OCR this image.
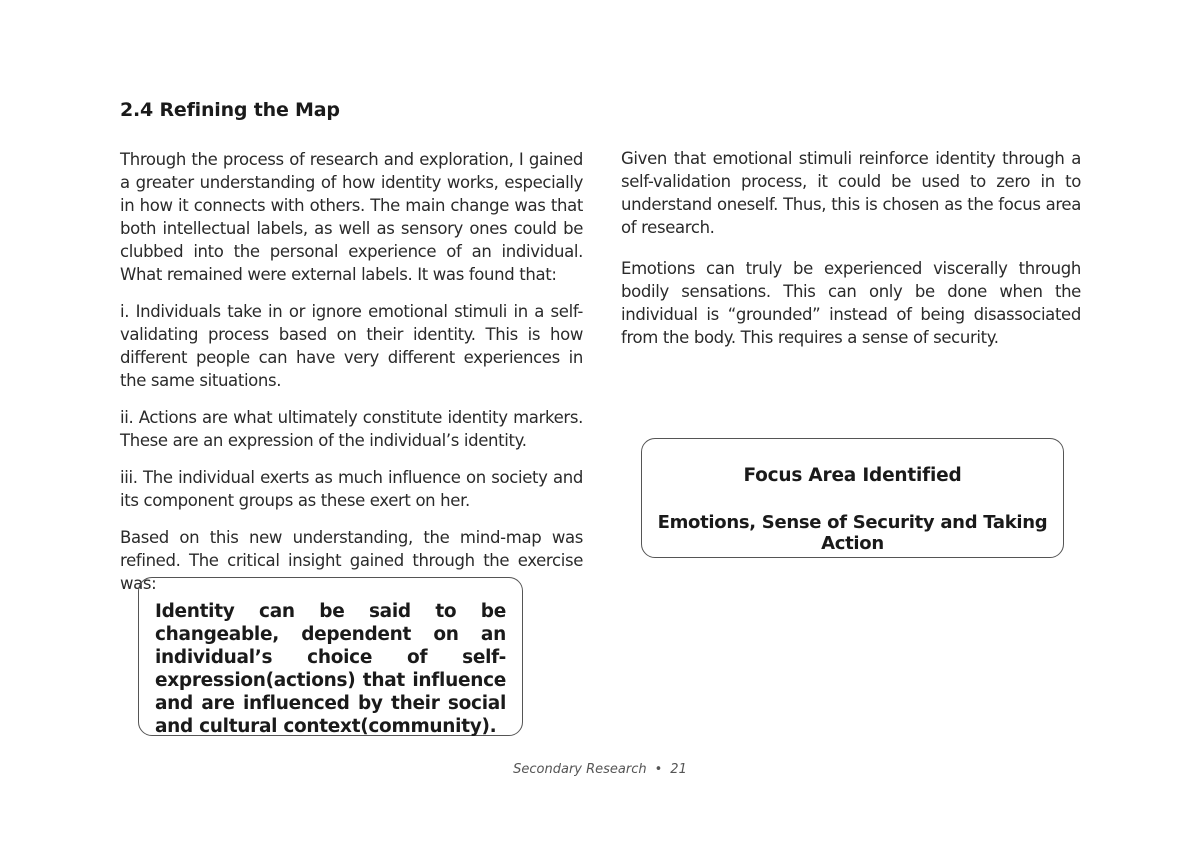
2.4 Refining the Map

Through the process of research and exploration, I gained a greater understanding of how identity works, especially in how it connects with others. The main change was that both intellectual labels, as well as sensory ones could be clubbed into the personal experience of an individual. What remained were external labels. It was found that:

i. Individuals take in or ignore emotional stimuli in a self-validating process based on their identity. This is how different people can have very different experiences in the same situations.

ii. Actions are what ultimately constitute identity markers. These are an expression of the individual’s identity.

iii. The individual exerts as much influence on society and its component groups as these exert on her.

Based on this new understanding, the mind-map was refined. The critical insight gained through the exercise was:

Identity can be said to be changeable, dependent on an individual’s choice of self-expression(actions) that influence and are influenced by their social and cultural context(community).

Given that emotional stimuli reinforce identity through a self-validation process, it could be used to zero in to understand oneself. Thus, this is chosen as the focus area of research.

Emotions can truly be experienced viscerally through bodily sensations. This can only be done when the individual is “grounded” instead of being disassociated from the body. This requires a sense of security.

Focus Area Identified

Emotions, Sense of Security and Taking Action

Secondary Research • 21
